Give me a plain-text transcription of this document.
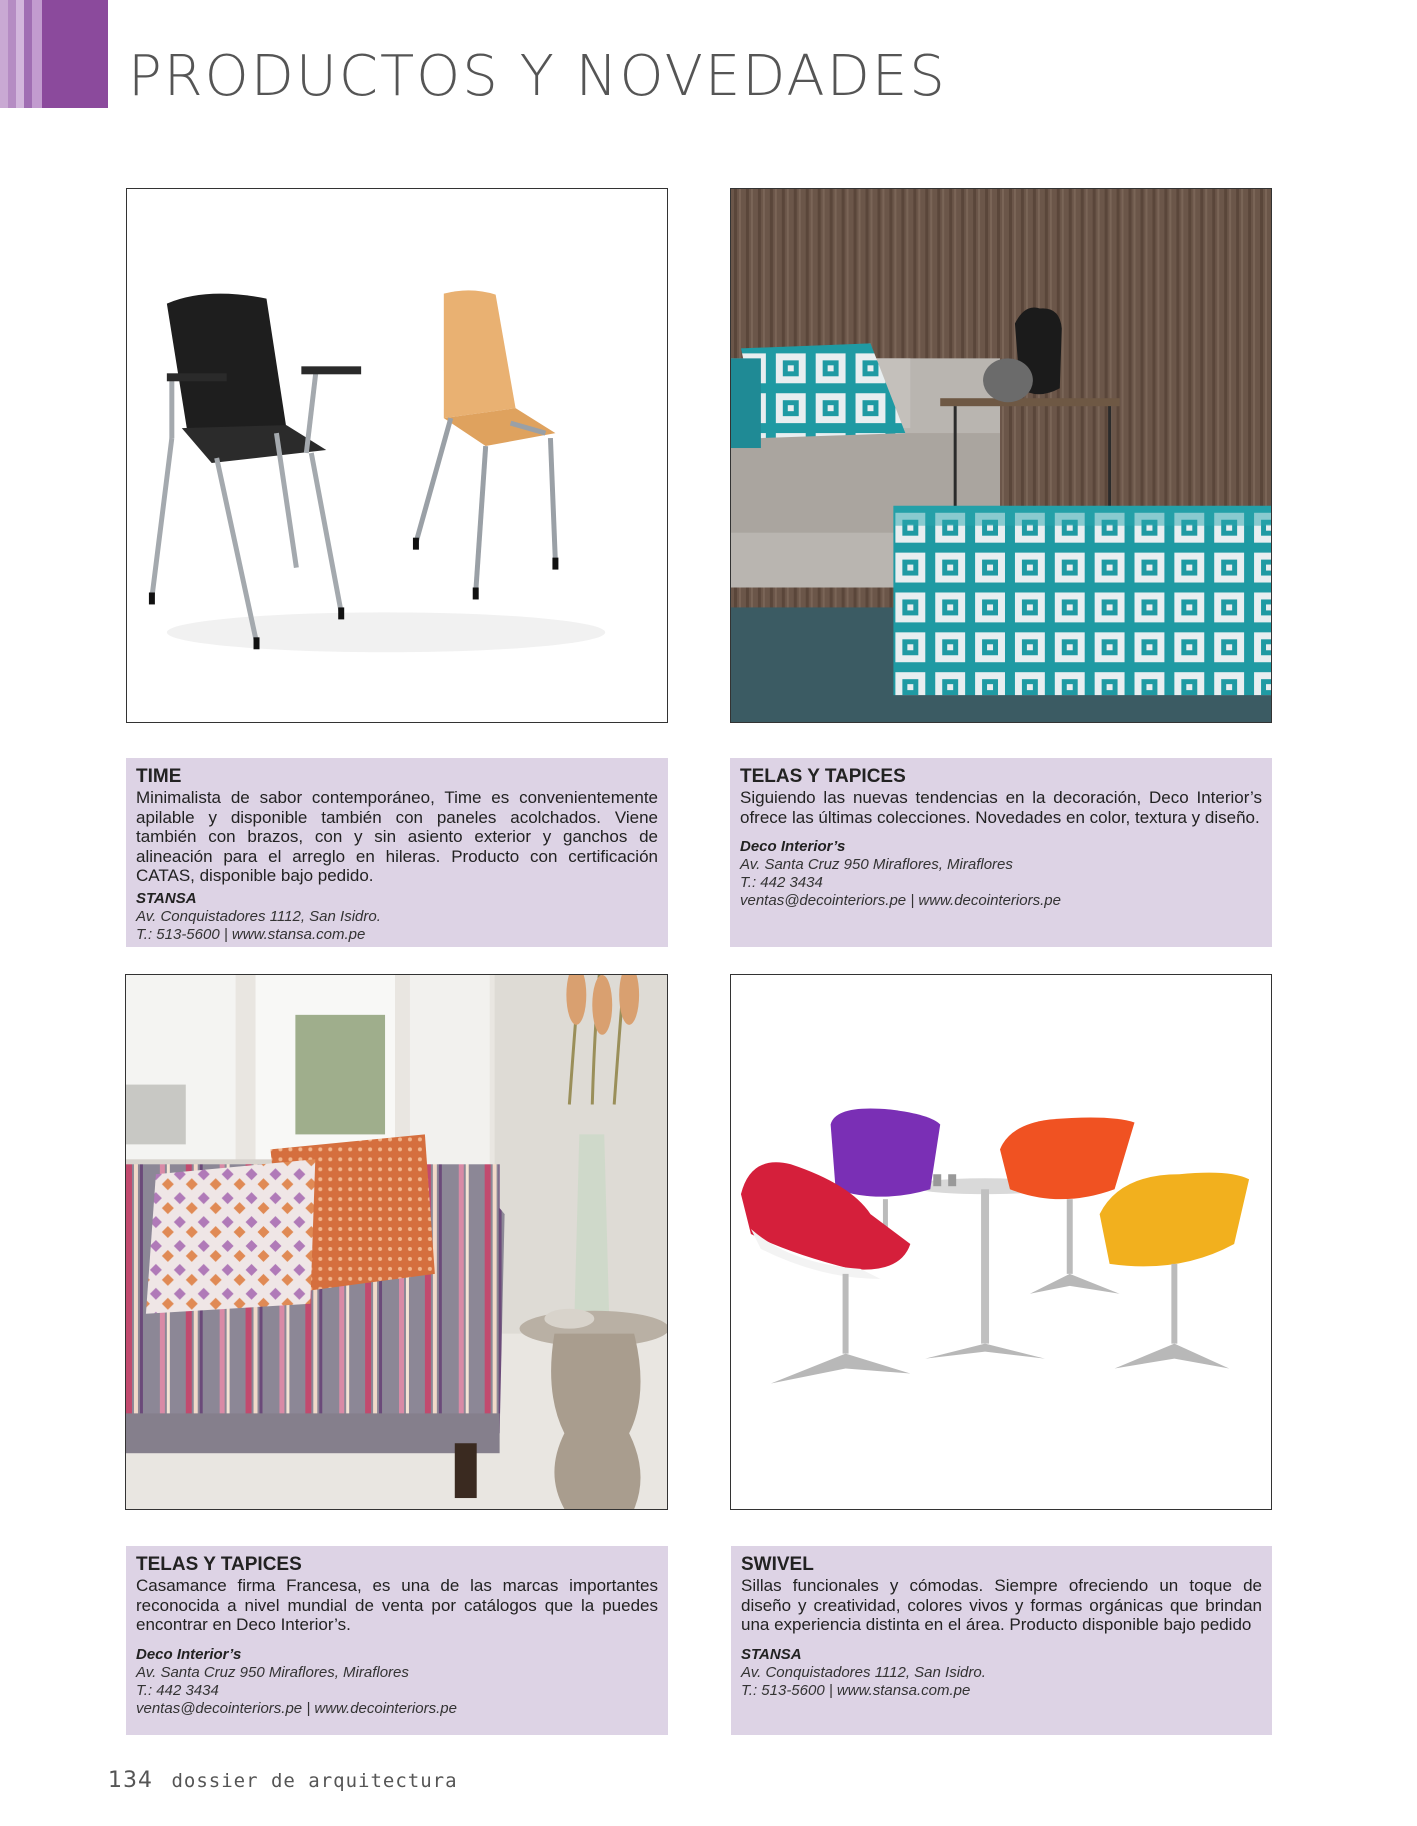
PRODUCTOS Y NOVEDADES
TIME

Minimalista de sabor contemporáneo, Time es convenientemente apilable y disponible también con paneles acolchados. Viene también con brazos, con y sin asiento exterior y ganchos de alineación para el arreglo en hileras. Producto con certificación CATAS, disponible bajo pedido.

STANSA
Av. Conquistadores 1112, San Isidro.
T.: 513-5600 | www.stansa.com.pe
TELAS Y TAPICES

Siguiendo las nuevas tendencias en la decoración, Deco Interior’s ofrece las últimas colecciones. Novedades en color, textura y diseño.

Deco Interior’s
Av. Santa Cruz 950 Miraflores, Miraflores
T.: 442 3434
ventas@decointeriors.pe | www.decointeriors.pe
TELAS Y TAPICES

Casamance firma Francesa, es una de las marcas importantes reconocida a nivel mundial de venta por catálogos que la puedes encontrar en Deco Interior’s.

Deco Interior’s
Av. Santa Cruz 950 Miraflores, Miraflores
T.: 442 3434
ventas@decointeriors.pe | www.decointeriors.pe
SWIVEL

Sillas funcionales y cómodas. Siempre ofreciendo un toque de diseño y creatividad, colores vivos y formas orgánicas que brindan una experiencia distinta en el área. Producto disponible bajo pedido

STANSA
Av. Conquistadores 1112, San Isidro.
T.: 513-5600 | www.stansa.com.pe
134 dossier de arquitectura
